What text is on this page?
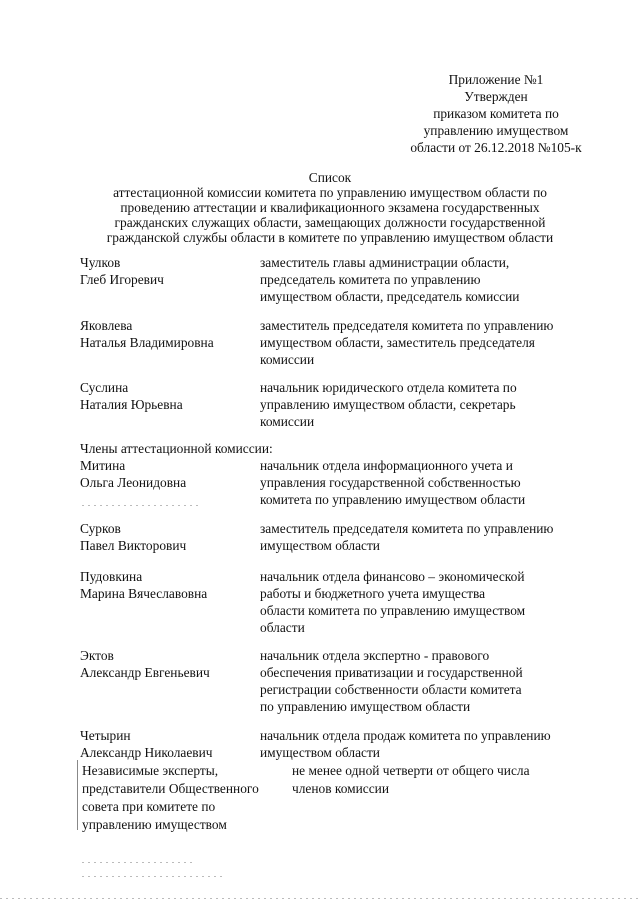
Приложение №1
Утвержден
приказом комитета по
управлению имуществом
области от 26.12.2018 №105-к
Список
аттестационной комиссии комитета по управлению имуществом области по
проведению аттестации и квалификационного экзамена государственных
гражданских служащих области, замещающих должности государственной
гражданской службы области в комитете по управлению имуществом области
Чулков
Глеб Игоревич
заместитель главы администрации области,
председатель комитета по управлению
имуществом области, председатель комиссии
Яковлева
Наталья Владимировна
заместитель председателя комитета по управлению
имуществом области, заместитель председателя
комиссии
Суслина
Наталия Юрьевна
начальник юридического отдела комитета по
управлению имуществом области, секретарь
комиссии
Члены аттестационной комиссии:
Митина
Ольга Леонидовна
начальник отдела информационного учета и
управления государственной собственностью
комитета по управлению имуществом области
Сурков
Павел Викторович
заместитель председателя комитета по управлению
имуществом области
Пудовкина
Марина Вячеславовна
начальник отдела финансово – экономической
работы и бюджетного учета имущества
области комитета по управлению имуществом
области
Эктов
Александр Евгеньевич
начальник отдела экспертно - правового
обеспечения приватизации и государственной
регистрации собственности области комитета
по управлению имуществом области
Четырин
Александр Николаевич
начальник отдела продаж комитета по управлению
имуществом области
Независимые эксперты,
представители Общественного
совета при комитете по
управлению имуществом
не менее одной четверти от общего числа
членов комиссии
